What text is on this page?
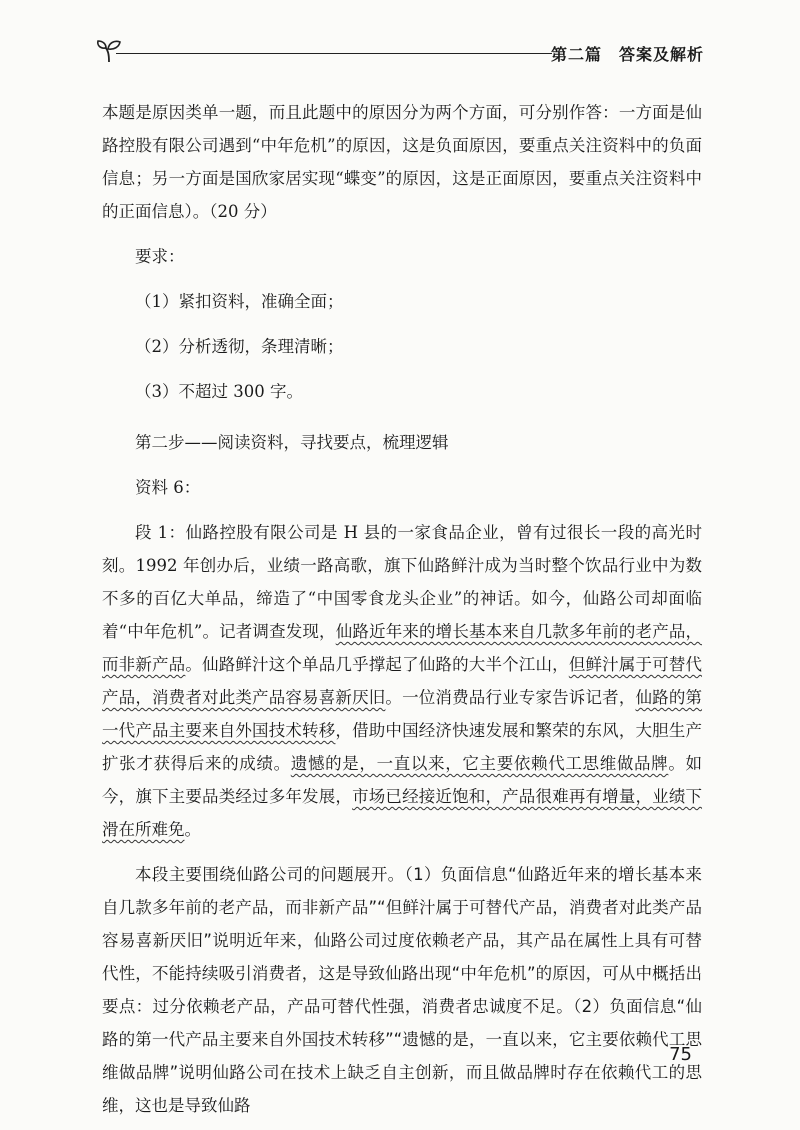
第二篇　答案及解析

本题是原因类单一题，而且此题中的原因分为两个方面，可分别作答：一方面是仙路控股有限公司遇到“中年危机”的原因，这是负面原因，要重点关注资料中的负面信息；另一方面是国欣家居实现“蝶变”的原因，这是正面原因，要重点关注资料中的正面信息）。（20 分）

要求：

（1）紧扣资料，准确全面；

（2）分析透彻，条理清晰；

（3）不超过 300 字。

第二步——阅读资料，寻找要点，梳理逻辑

资料 6：

段 1：仙路控股有限公司是 H 县的一家食品企业，曾有过很长一段的高光时刻。1992 年创办后，业绩一路高歌，旗下仙路鲜汁成为当时整个饮品行业中为数不多的百亿大单品，缔造了“中国零食龙头企业”的神话。如今，仙路公司却面临着“中年危机”。记者调查发现，仙路近年来的增长基本来自几款多年前的老产品，而非新产品。仙路鲜汁这个单品几乎撑起了仙路的大半个江山，但鲜汁属于可替代产品，消费者对此类产品容易喜新厌旧。一位消费品行业专家告诉记者，仙路的第一代产品主要来自外国技术转移，借助中国经济快速发展和繁荣的东风，大胆生产扩张才获得后来的成绩。遗憾的是，一直以来，它主要依赖代工思维做品牌。如今，旗下主要品类经过多年发展，市场已经接近饱和，产品很难再有增量，业绩下滑在所难免。

本段主要围绕仙路公司的问题展开。（1）负面信息“仙路近年来的增长基本来自几款多年前的老产品，而非新产品”“但鲜汁属于可替代产品，消费者对此类产品容易喜新厌旧”说明近年来，仙路公司过度依赖老产品，其产品在属性上具有可替代性，不能持续吸引消费者，这是导致仙路出现“中年危机”的原因，可从中概括出要点：过分依赖老产品，产品可替代性强，消费者忠诚度不足。（2）负面信息“仙路的第一代产品主要来自外国技术转移”“遗憾的是，一直以来，它主要依赖代工思维做品牌”说明仙路公司在技术上缺乏自主创新，而且做品牌时存在依赖代工的思维，这也是导致仙路

75
